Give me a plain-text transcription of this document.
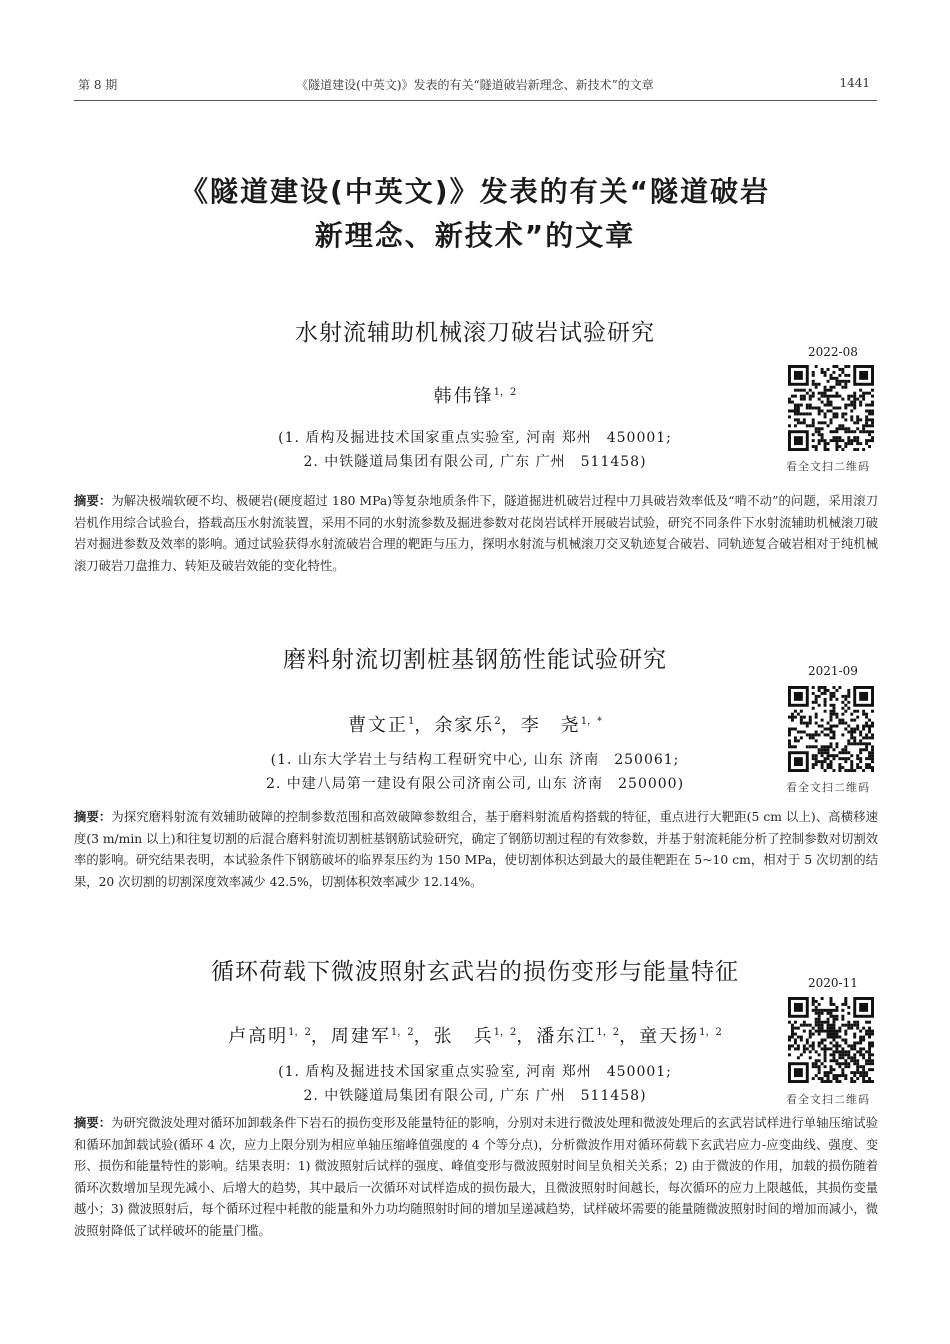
第 8 期	《隧道建设(中英文)》发表的有关“隧道破岩新理念、新技术”的文章	1441
《隧道建设(中英文)》发表的有关“隧道破岩
新理念、新技术”的文章
水射流辅助机械滚刀破岩试验研究
2022-08
看全文扫二维码
韩伟锋$^{1,2}$
(1. 盾构及掘进技术国家重点实验室, 河南 郑州　450001;
2. 中铁隧道局集团有限公司, 广东 广州　511458)
摘要：为解决极端软硬不均、极硬岩(硬度超过 180 MPa)等复杂地质条件下，隧道掘进机破岩过程中刀具破岩效率低及“啃不动”的问题，采用滚刀岩机作用综合试验台，搭载高压水射流装置，采用不同的水射流参数及掘进参数对花岗岩试样开展破岩试验，研究不同条件下水射流辅助机械滚刀破岩对掘进参数及效率的影响。通过试验获得水射流破岩合理的靶距与压力，探明水射流与机械滚刀交叉轨迹复合破岩、同轨迹复合破岩相对于纯机械滚刀破岩刀盘推力、转矩及破岩效能的变化特性。
磨料射流切割桩基钢筋性能试验研究	2021-09
看全文扫二维码
曹文正$^1$，余家乐$^2$，李　尧$^{1,*}$
(1. 山东大学岩土与结构工程研究中心, 山东 济南　250061;
2. 中建八局第一建设有限公司济南公司, 山东 济南　250000)
摘要：为探究磨料射流有效辅助破障的控制参数范围和高效破障参数组合，基于磨料射流盾构搭载的特征，重点进行大靶距(5 cm 以上)、高横移速度(3 m/min 以上)和往复切割的后混合磨料射流切割桩基钢筋试验研究，确定了钢筋切割过程的有效参数，并基于射流耗能分析了控制参数对切割效率的影响。研究结果表明，本试验条件下钢筋破坏的临界泵压约为 150 MPa，使切割体积达到最大的最佳靶距在 5~10 cm，相对于 5 次切割的结果，20 次切割的切割深度效率减少 42.5%，切割体积效率减少 12.14%。
循环荷载下微波照射玄武岩的损伤变形与能量特征	2020-11
看全文扫二维码
卢高明$^{1,2}$，周建军$^{1,2}$，张　兵$^{1,2}$，潘东江$^{1,2}$，童天扬$^{1,2}$
(1. 盾构及掘进技术国家重点实验室, 河南 郑州　450001;
2. 中铁隧道局集团有限公司, 广东 广州　511458)
摘要：为研究微波处理对循环加卸载条件下岩石的损伤变形及能量特征的影响，分别对未进行微波处理和微波处理后的玄武岩试样进行单轴压缩试验和循环加卸载试验(循环 4 次，应力上限分别为相应单轴压缩峰值强度的 4 个等分点)，分析微波作用对循环荷载下玄武岩应力-应变曲线、强度、变形、损伤和能量特性的影响。结果表明：1) 微波照射后试样的强度、峰值变形与微波照射时间呈负相关关系；2) 由于微波的作用，加载的损伤随着循环次数增加呈现先减小、后增大的趋势，其中最后一次循环对试样造成的损伤最大，且微波照射时间越长，每次循环的应力上限越低，其损伤变量越小；3) 微波照射后，每个循环过程中耗散的能量和外力功均随照射时间的增加呈递减趋势，试样破坏需要的能量随微波照射时间的增加而减小，微波照射降低了试样破坏的能量门槛。
